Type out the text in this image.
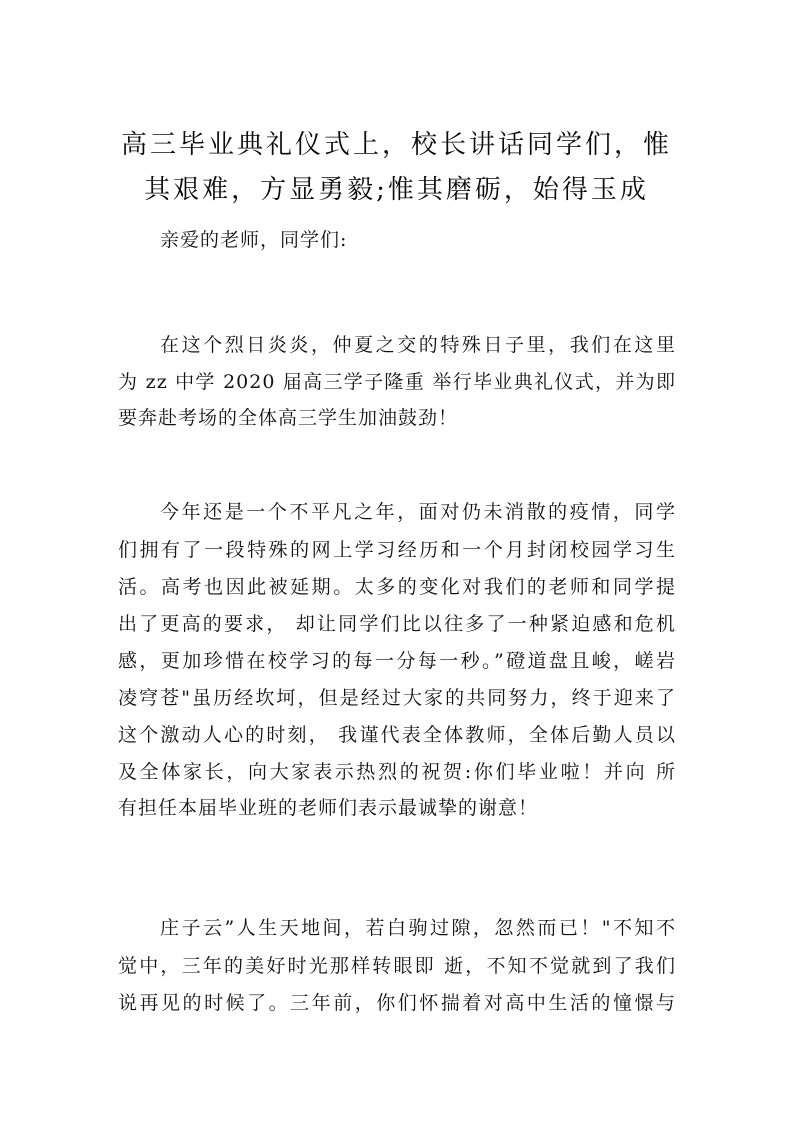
高三毕业典礼仪式上，校长讲话同学们，惟
其艰难，方显勇毅;惟其磨砺，始得玉成
亲爱的老师，同学们:
在这个烈日炎炎，仲夏之交的特殊日子里，我们在这里
为 zz 中学 2020 届高三学子隆重 举行毕业典礼仪式，并为即
要奔赴考场的全体高三学生加油鼓劲！
今年还是一个不平凡之年，面对仍未消散的疫情，同学
们拥有了一段特殊的网上学习经历和一个月封闭校园学习生
活。高考也因此被延期。太多的变化对我们的老师和同学提
出了更高的要求， 却让同学们比以往多了一种紧迫感和危机
感，更加珍惜在校学习的每一分每一秒。”磴道盘且峻，嵯岩
凌穹苍"虽历经坎坷，但是经过大家的共同努力，终于迎来了
这个激动人心的时刻， 我谨代表全体教师，全体后勤人员以
及全体家长，向大家表示热烈的祝贺:你们毕业啦！并向 所
有担任本届毕业班的老师们表示最诚挚的谢意！
庄子云”人生天地间，若白驹过隙，忽然而已！"不知不
觉中，三年的美好时光那样转眼即 逝，不知不觉就到了我们
说再见的时候了。三年前，你们怀揣着对高中生活的憧憬与
